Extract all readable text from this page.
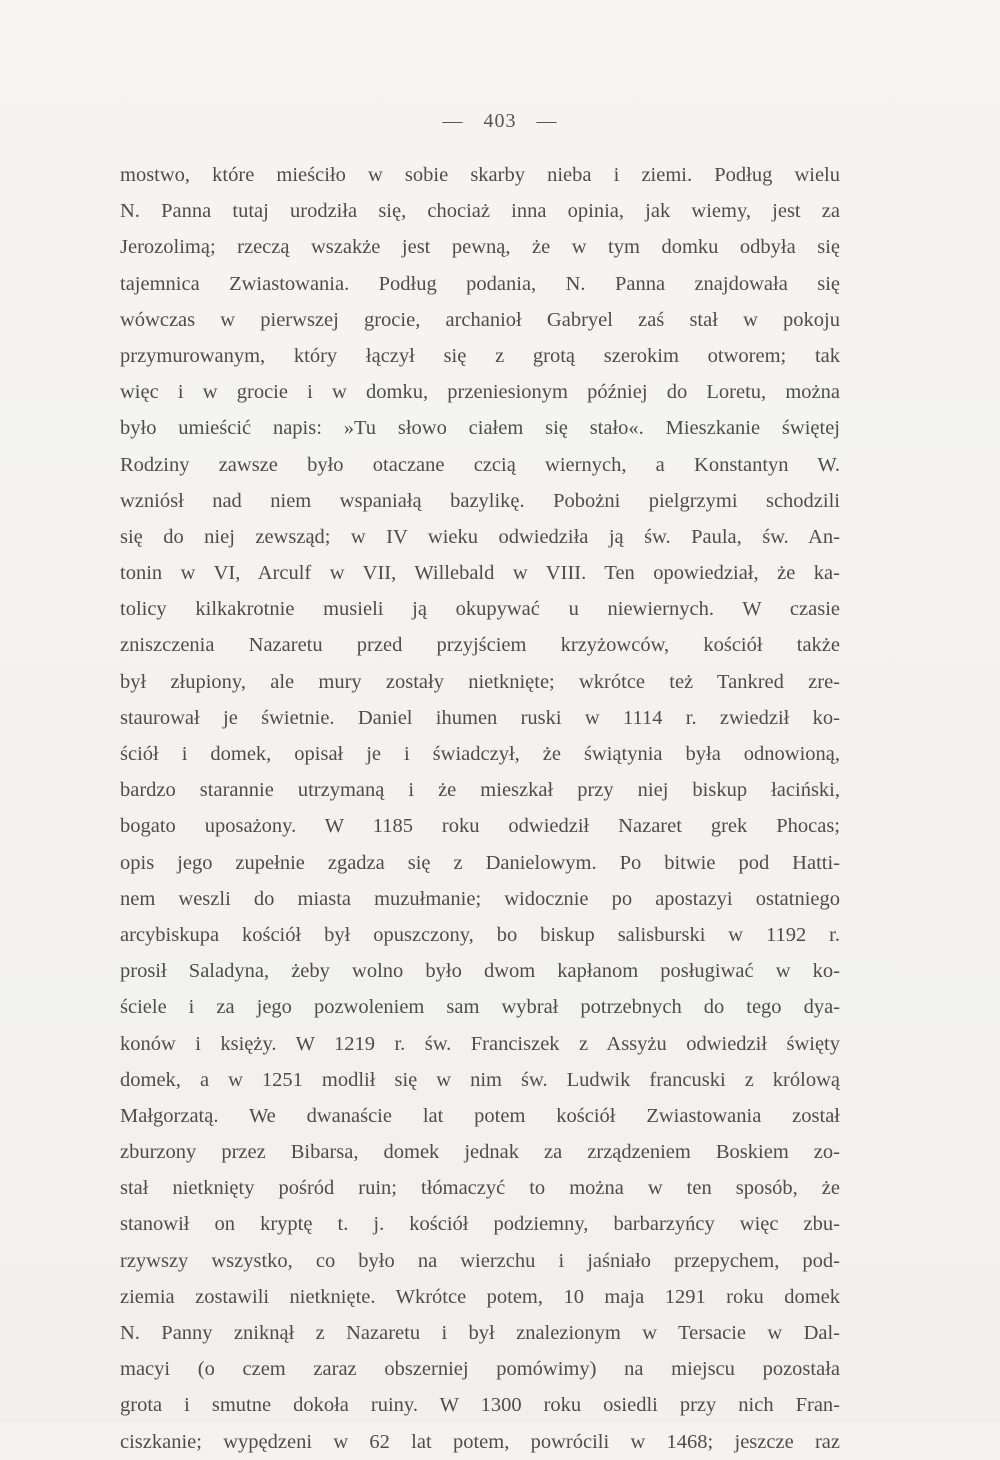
— 403 —
mostwo, które mieściło w sobie skarby nieba i ziemi. Podług wielu
N. Panna tutaj urodziła się, chociaż inna opinia, jak wiemy, jest za
Jerozolimą; rzeczą wszakże jest pewną, że w tym domku odbyła się
tajemnica Zwiastowania. Podług podania, N. Panna znajdowała się
wówczas w pierwszej grocie, archanioł Gabryel zaś stał w pokoju
przymurowanym, który łączył się z grotą szerokim otworem; tak
więc i w grocie i w domku, przeniesionym później do Loretu, można
było umieścić napis: »Tu słowo ciałem się stało«. Mieszkanie świętej
Rodziny zawsze było otaczane czcią wiernych, a Konstantyn W.
wzniósł nad niem wspaniałą bazylikę. Pobożni pielgrzymi schodzili
się do niej zewsząd; w IV wieku odwiedziła ją św. Paula, św. An-
tonin w VI, Arculf w VII, Willebald w VIII. Ten opowiedział, że ka-
tolicy kilkakrotnie musieli ją okupywać u niewiernych. W czasie
zniszczenia Nazaretu przed przyjściem krzyżowców, kościół także
był złupiony, ale mury zostały nietknięte; wkrótce też Tankred zre-
staurował je świetnie. Daniel ihumen ruski w 1114 r. zwiedził ko-
ściół i domek, opisał je i świadczył, że świątynia była odnowioną,
bardzo starannie utrzymaną i że mieszkał przy niej biskup łaciński,
bogato uposażony. W 1185 roku odwiedził Nazaret grek Phocas;
opis jego zupełnie zgadza się z Danielowym. Po bitwie pod Hatti-
nem weszli do miasta muzułmanie; widocznie po apostazyi ostatniego
arcybiskupa kościół był opuszczony, bo biskup salisburski w 1192 r.
prosił Saladyna, żeby wolno było dwom kapłanom posługiwać w ko-
ściele i za jego pozwoleniem sam wybrał potrzebnych do tego dya-
konów i księży. W 1219 r. św. Franciszek z Assyżu odwiedził święty
domek, a w 1251 modlił się w nim św. Ludwik francuski z królową
Małgorzatą. We dwanaście lat potem kościół Zwiastowania został
zburzony przez Bibarsa, domek jednak za zrządzeniem Boskiem zo-
stał nietknięty pośród ruin; tłómaczyć to można w ten sposób, że
stanowił on kryptę t. j. kościół podziemny, barbarzyńcy więc zbu-
rzywszy wszystko, co było na wierzchu i jaśniało przepychem, pod-
ziemia zostawili nietknięte. Wkrótce potem, 10 maja 1291 roku domek
N. Panny zniknął z Nazaretu i był znalezionym w Tersacie w Dal-
macyi (o czem zaraz obszerniej pomówimy) na miejscu pozostała
grota i smutne dokoła ruiny. W 1300 roku osiedli przy nich Fran-
ciszkanie; wypędzeni w 62 lat potem, powrócili w 1468; jeszcze raz
